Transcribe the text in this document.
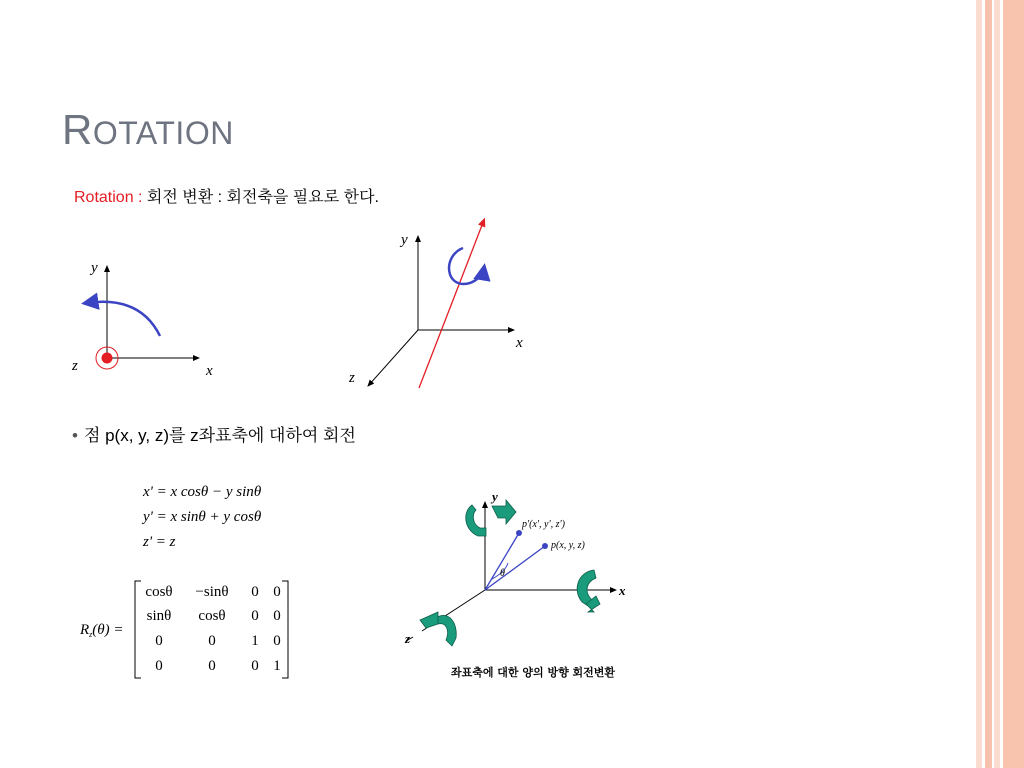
ROTATION
Rotation : 회전 변환 : 회전축을 필요로 한다.
• 점 p(x, y, z)를 z좌표축에 대하여 회전
y
x
z
y
x
z
x' = x cosθ − y sinθ
y' = x sinθ + y cosθ
z' = z
$R_z(\theta)$ =
cosθ −sinθ 0 0
sinθ cosθ 0 0
0	0 1 0
0	0 0 1
θ
p'(x', y', z')
p(x, y, z)
y
x
z
좌표축에 대한 양의 방향 회전변환
